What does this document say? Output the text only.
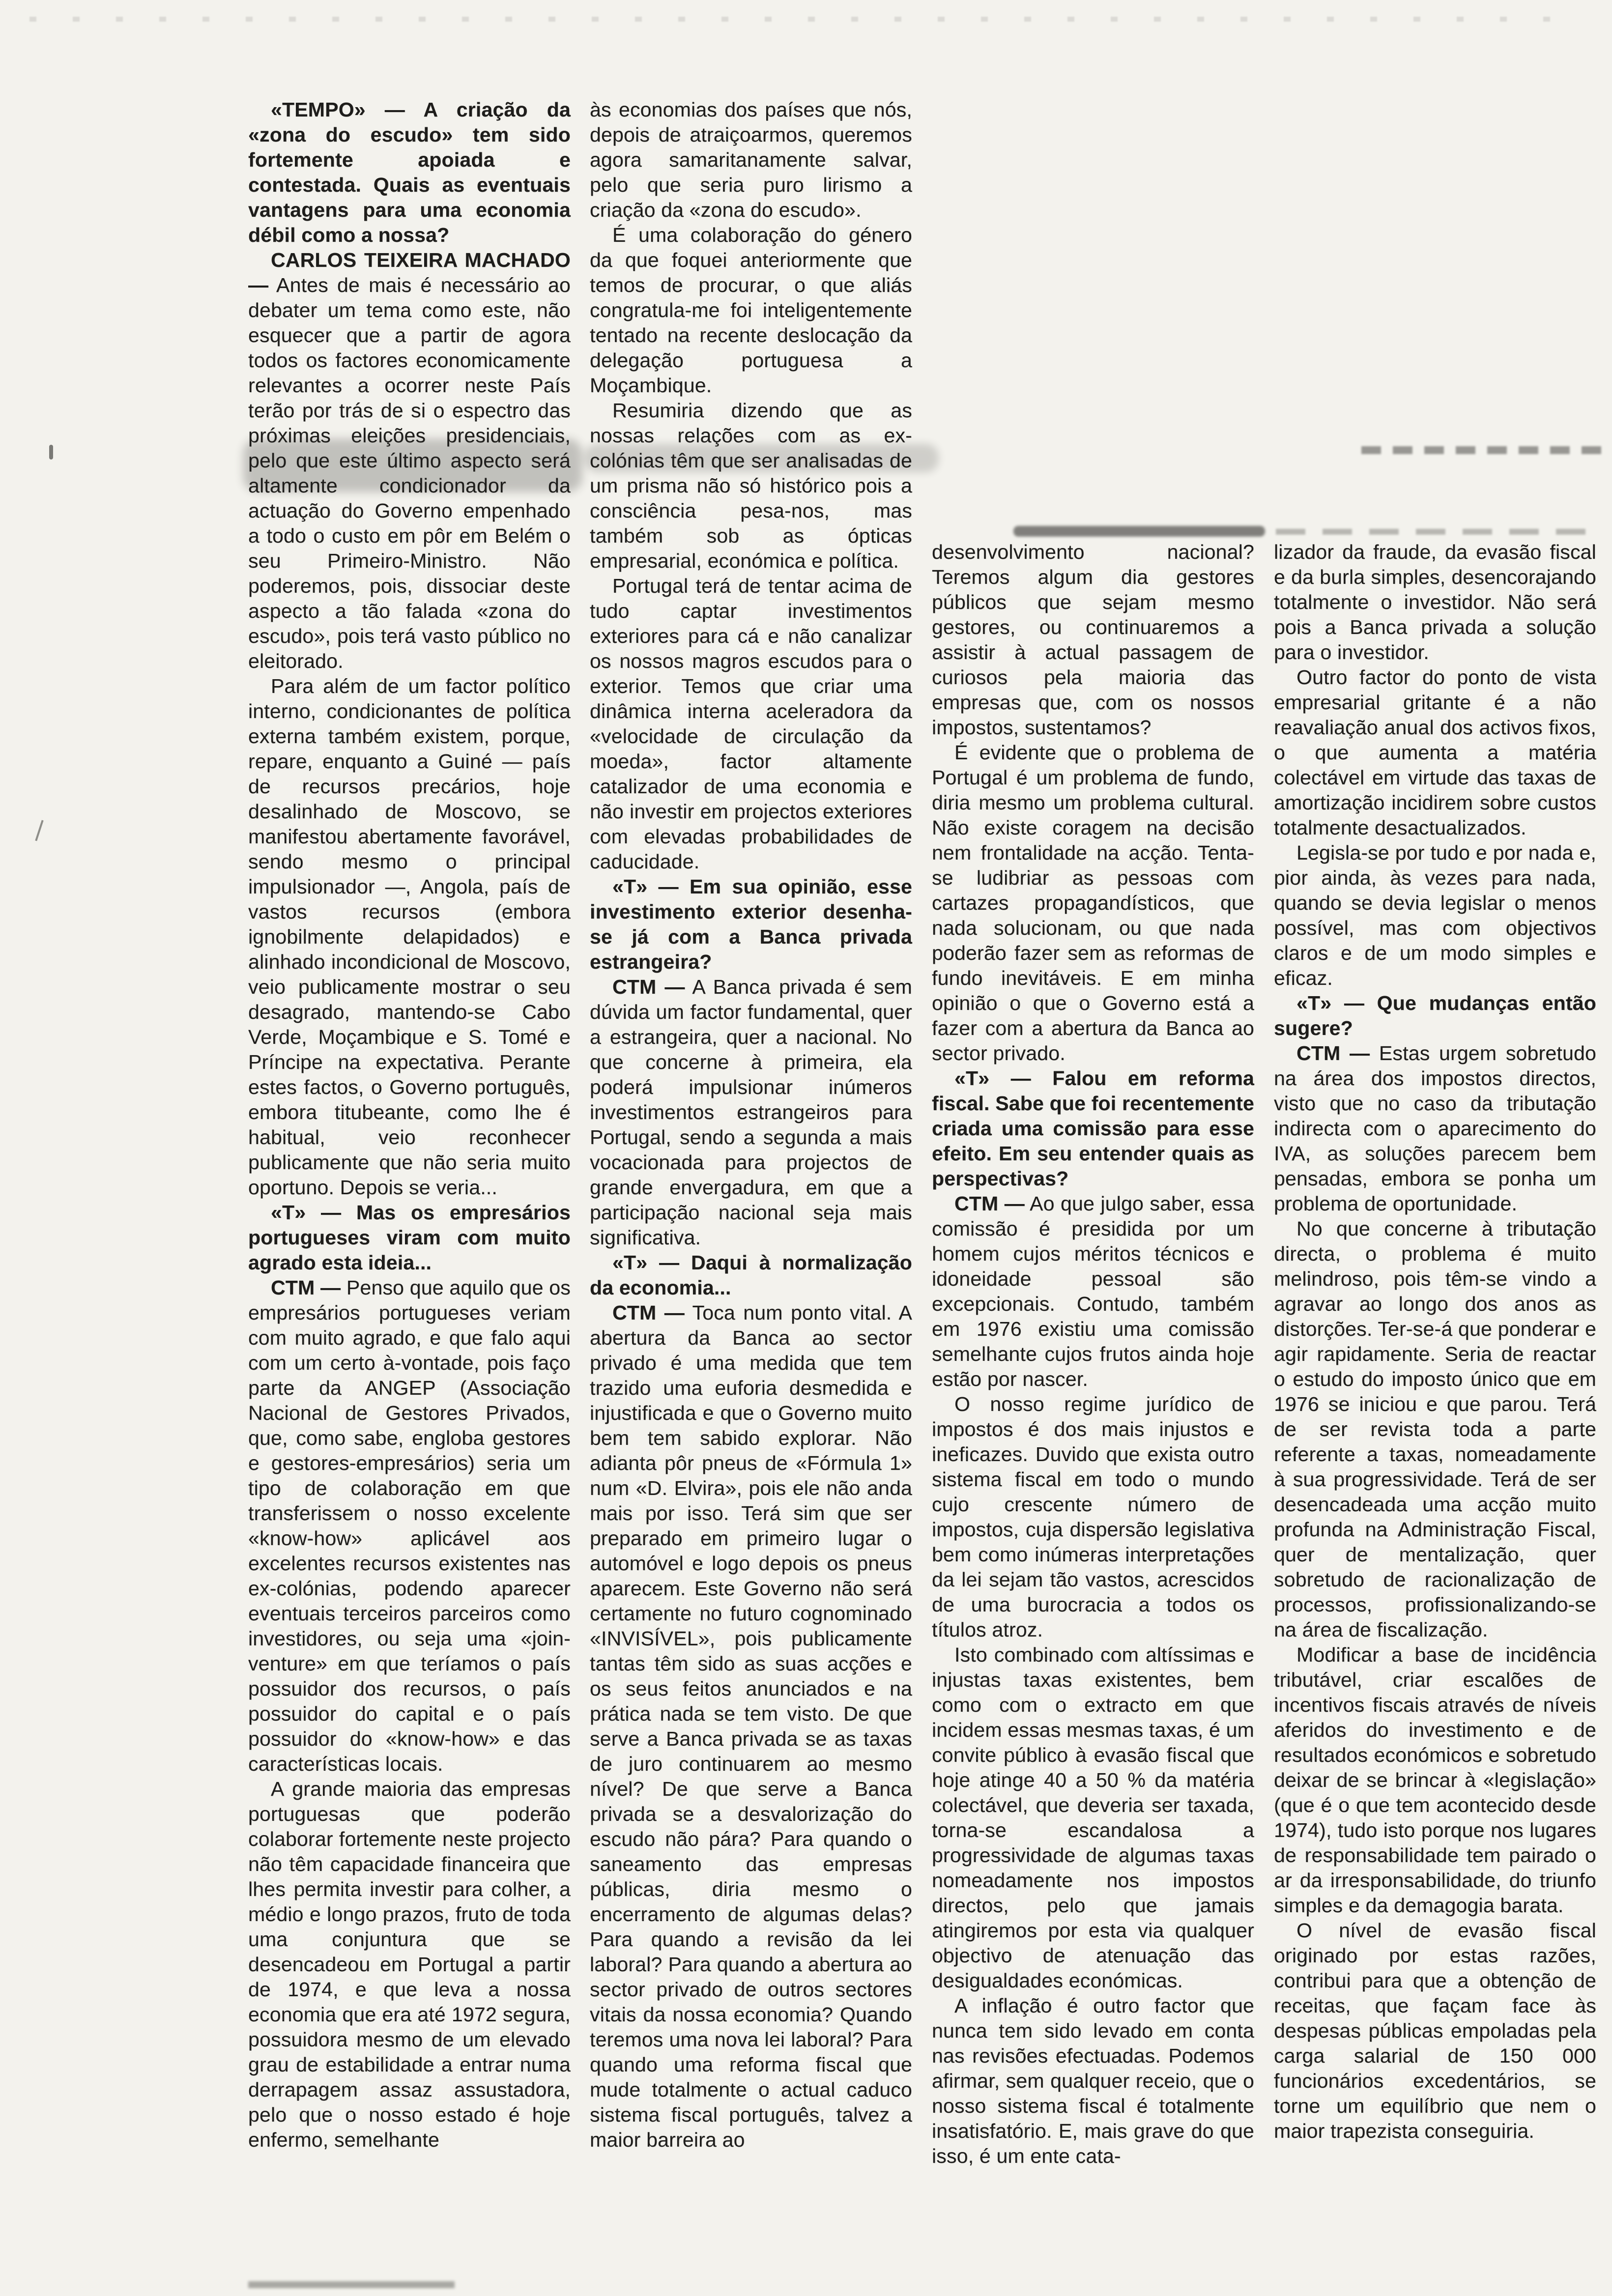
«TEMPO» — A criação da «zona do escudo» tem sido fortemente apoiada e contestada. Quais as eventuais vantagens para uma economia débil como a nossa?

CARLOS TEIXEIRA MACHADO — Antes de mais é necessário ao debater um tema como este, não esquecer que a partir de agora todos os factores economicamente relevantes a ocorrer neste País terão por trás de si o espectro das próximas eleições presidenciais, pelo que este último aspecto será altamente condicionador da actuação do Governo empenhado a todo o custo em pôr em Belém o seu Primeiro-Ministro. Não poderemos, pois, dissociar deste aspecto a tão falada «zona do escudo», pois terá vasto público no eleitorado.

Para além de um factor político interno, condicionantes de política externa também existem, porque, repare, enquanto a Guiné — país de recursos precários, hoje desalinhado de Moscovo, se manifestou abertamente favorável, sendo mesmo o principal impulsionador —, Angola, país de vastos recursos (embora ignobilmente delapidados) e alinhado incondicional de Moscovo, veio publicamente mostrar o seu desagrado, mantendo-se Cabo Verde, Moçambique e S. Tomé e Príncipe na expectativa. Perante estes factos, o Governo português, embora titubeante, como lhe é habitual, veio reconhecer publicamente que não seria muito oportuno. Depois se veria...

«T» — Mas os empresários portugueses viram com muito agrado esta ideia...

CTM — Penso que aquilo que os empresários portugueses veriam com muito agrado, e que falo aqui com um certo à-vontade, pois faço parte da ANGEP (Associação Nacional de Gestores Privados, que, como sabe, engloba gestores e gestores-empresários) seria um tipo de colaboração em que transferissem o nosso excelente «know-how» aplicável aos excelentes recursos existentes nas ex-colónias, podendo aparecer eventuais terceiros parceiros como investidores, ou seja uma «join-venture» em que teríamos o país possuidor dos recursos, o país possuidor do capital e o país possuidor do «know-how» e das características locais.

A grande maioria das empresas portuguesas que poderão colaborar fortemente neste projecto não têm capacidade financeira que lhes permita investir para colher, a médio e longo prazos, fruto de toda uma conjuntura que se desencadeou em Portugal a partir de 1974, e que leva a nossa economia que era até 1972 segura, possuidora mesmo de um elevado grau de estabilidade a entrar numa derrapagem assaz assustadora, pelo que o nosso estado é hoje enfermo, semelhante

às economias dos países que nós, depois de atraiçoarmos, queremos agora samaritanamente salvar, pelo que seria puro lirismo a criação da «zona do escudo».

É uma colaboração do género da que foquei anteriormente que temos de procurar, o que aliás congratula-me foi inteligentemente tentado na recente deslocação da delegação portuguesa a Moçambique.

Resumiria dizendo que as nossas relações com as ex-colónias têm que ser analisadas de um prisma não só histórico pois a consciência pesa-nos, mas também sob as ópticas empresarial, económica e política.

Portugal terá de tentar acima de tudo captar investimentos exteriores para cá e não canalizar os nossos magros escudos para o exterior. Temos que criar uma dinâmica interna aceleradora da «velocidade de circulação da moeda», factor altamente catalizador de uma economia e não investir em projectos exteriores com elevadas probabilidades de caducidade.

«T» — Em sua opinião, esse investimento exterior desenha-se já com a Banca privada estrangeira?

CTM — A Banca privada é sem dúvida um factor fundamental, quer a estrangeira, quer a nacional. No que concerne à primeira, ela poderá impulsionar inúmeros investimentos estrangeiros para Portugal, sendo a segunda a mais vocacionada para projectos de grande envergadura, em que a participação nacional seja mais significativa.

«T» — Daqui à normalização da economia...

CTM — Toca num ponto vital. A abertura da Banca ao sector privado é uma medida que tem trazido uma euforia desmedida e injustificada e que o Governo muito bem tem sabido explorar. Não adianta pôr pneus de «Fórmula 1» num «D. Elvira», pois ele não anda mais por isso. Terá sim que ser preparado em primeiro lugar o automóvel e logo depois os pneus aparecem. Este Governo não será certamente no futuro cognominado «INVISÍVEL», pois publicamente tantas têm sido as suas acções e os seus feitos anunciados e na prática nada se tem visto. De que serve a Banca privada se as taxas de juro continuarem ao mesmo nível? De que serve a Banca privada se a desvalorização do escudo não pára? Para quando o saneamento das empresas públicas, diria mesmo o encerramento de algumas delas? Para quando a revisão da lei laboral? Para quando a abertura ao sector privado de outros sectores vitais da nossa economia? Quando teremos uma nova lei laboral? Para quando uma reforma fiscal que mude totalmente o actual caduco sistema fiscal português, talvez a maior barreira ao

desenvolvimento nacional? Teremos algum dia gestores públicos que sejam mesmo gestores, ou continuaremos a assistir à actual passagem de curiosos pela maioria das empresas que, com os nossos impostos, sustentamos?

É evidente que o problema de Portugal é um problema de fundo, diria mesmo um problema cultural. Não existe coragem na decisão nem frontalidade na acção. Tenta-se ludibriar as pessoas com cartazes propagandísticos, que nada solucionam, ou que nada poderão fazer sem as reformas de fundo inevitáveis. E em minha opinião o que o Governo está a fazer com a abertura da Banca ao sector privado.

«T» — Falou em reforma fiscal. Sabe que foi recentemente criada uma comissão para esse efeito. Em seu entender quais as perspectivas?

CTM — Ao que julgo saber, essa comissão é presidida por um homem cujos méritos técnicos e idoneidade pessoal são excepcionais. Contudo, também em 1976 existiu uma comissão semelhante cujos frutos ainda hoje estão por nascer.

O nosso regime jurídico de impostos é dos mais injustos e ineficazes. Duvido que exista outro sistema fiscal em todo o mundo cujo crescente número de impostos, cuja dispersão legislativa bem como inúmeras interpretações da lei sejam tão vastos, acrescidos de uma burocracia a todos os títulos atroz.

Isto combinado com altíssimas e injustas taxas existentes, bem como com o extracto em que incidem essas mesmas taxas, é um convite público à evasão fiscal que hoje atinge 40 a 50 % da matéria colectável, que deveria ser taxada, torna-se escandalosa a progressividade de algumas taxas nomeadamente nos impostos directos, pelo que jamais atingiremos por esta via qualquer objectivo de atenuação das desigualdades económicas.

A inflação é outro factor que nunca tem sido levado em conta nas revisões efectuadas. Podemos afirmar, sem qualquer receio, que o nosso sistema fiscal é totalmente insatisfatório. E, mais grave do que isso, é um ente cata-

lizador da fraude, da evasão fiscal e da burla simples, desencorajando totalmente o investidor. Não será pois a Banca privada a solução para o investidor.

Outro factor do ponto de vista empresarial gritante é a não reavaliação anual dos activos fixos, o que aumenta a matéria colectável em virtude das taxas de amortização incidirem sobre custos totalmente desactualizados.

Legisla-se por tudo e por nada e, pior ainda, às vezes para nada, quando se devia legislar o menos possível, mas com objectivos claros e de um modo simples e eficaz.

«T» — Que mudanças então sugere?

CTM — Estas urgem sobretudo na área dos impostos directos, visto que no caso da tributação indirecta com o aparecimento do IVA, as soluções parecem bem pensadas, embora se ponha um problema de oportunidade.

No que concerne à tributação directa, o problema é muito melindroso, pois têm-se vindo a agravar ao longo dos anos as distorções. Ter-se-á que ponderar e agir rapidamente. Seria de reactar o estudo do imposto único que em 1976 se iniciou e que parou. Terá de ser revista toda a parte referente a taxas, nomeadamente à sua progressividade. Terá de ser desencadeada uma acção muito profunda na Administração Fiscal, quer de mentalização, quer sobretudo de racionalização de processos, profissionalizando-se na área de fiscalização.

Modificar a base de incidência tributável, criar escalões de incentivos fiscais através de níveis aferidos do investimento e de resultados económicos e sobretudo deixar de se brincar à «legislação» (que é o que tem acontecido desde 1974), tudo isto porque nos lugares de responsabilidade tem pairado o ar da irresponsabilidade, do triunfo simples e da demagogia barata.

O nível de evasão fiscal originado por estas razões, contribui para que a obtenção de receitas, que façam face às despesas públicas empoladas pela carga salarial de 150 000 funcionários excedentários, se torne um equilíbrio que nem o maior trapezista conseguiria.
